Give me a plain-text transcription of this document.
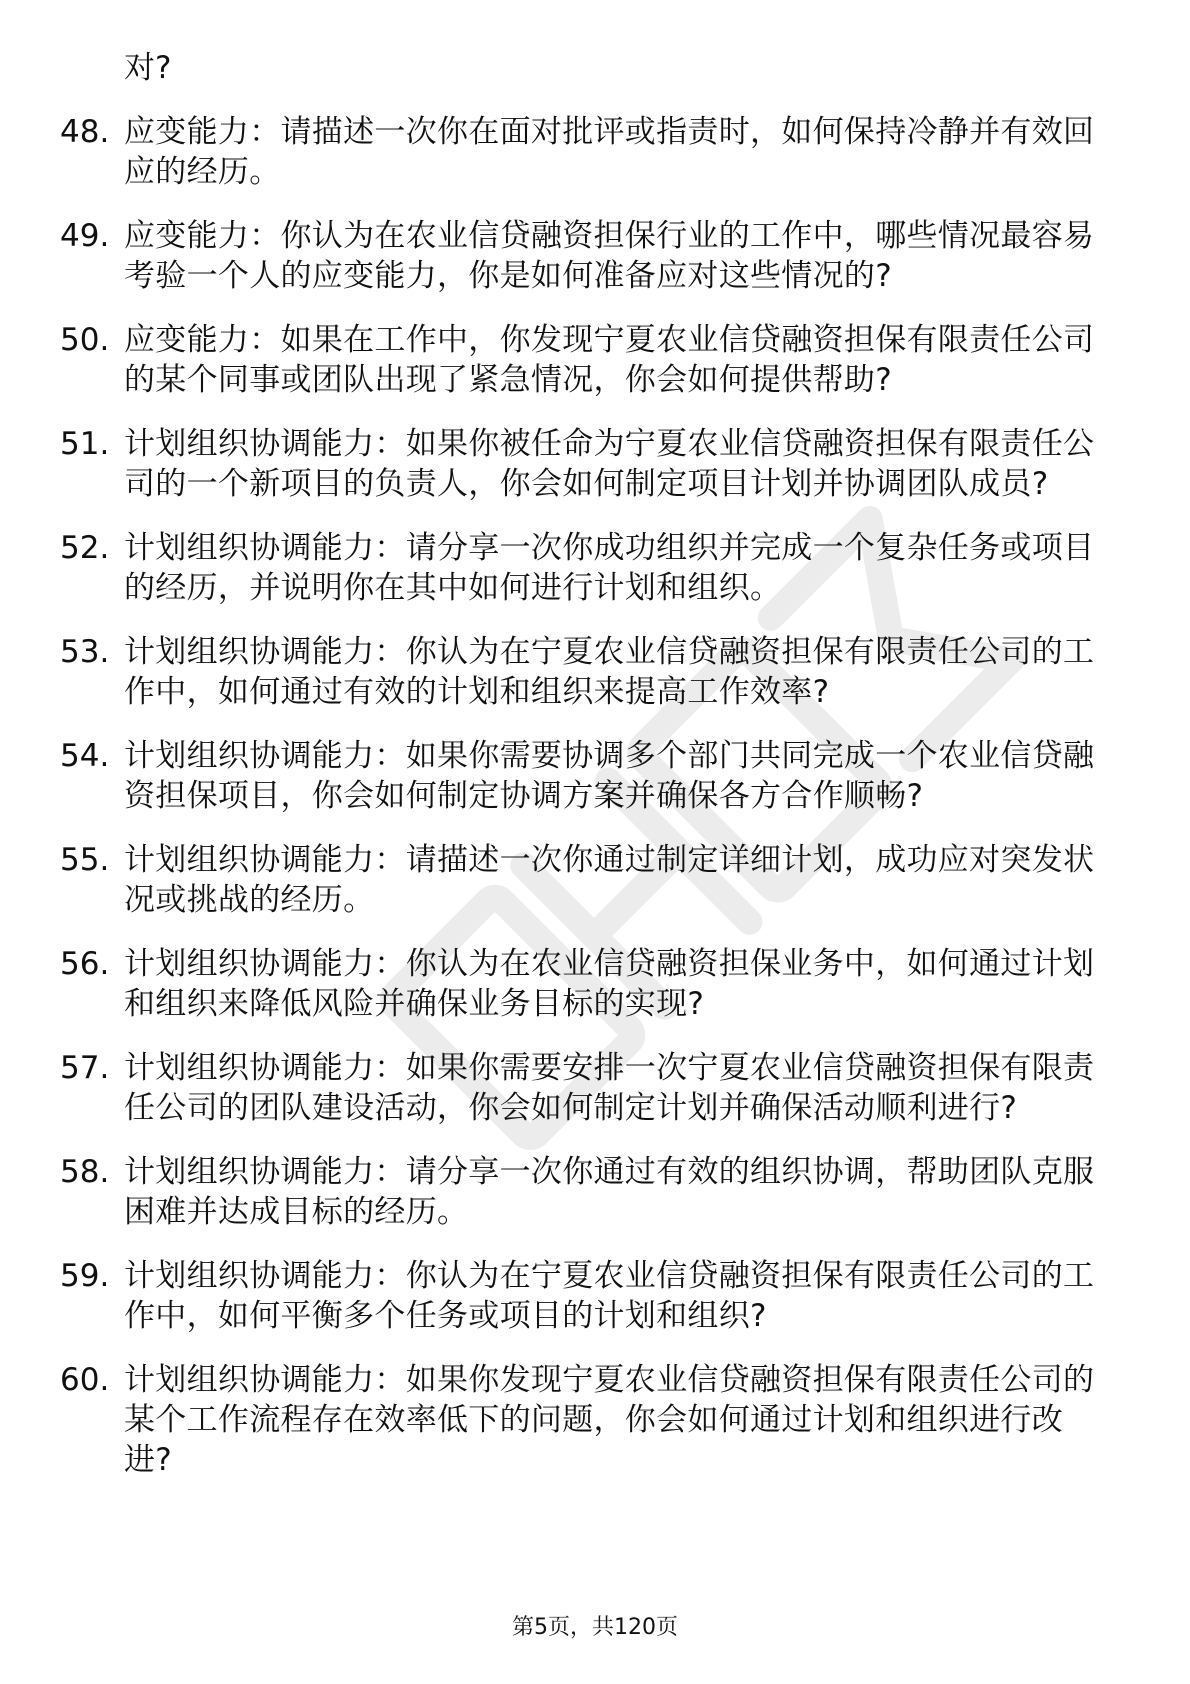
对?
48. 应变能力：请描述一次你在面对批评或指责时，如何保持冷静并有效回应的经历。
49. 应变能力：你认为在农业信贷融资担保行业的工作中，哪些情况最容易考验一个人的应变能力，你是如何准备应对这些情况的?
50. 应变能力：如果在工作中，你发现宁夏农业信贷融资担保有限责任公司的某个同事或团队出现了紧急情况，你会如何提供帮助?
51. 计划组织协调能力：如果你被任命为宁夏农业信贷融资担保有限责任公司的一个新项目的负责人，你会如何制定项目计划并协调团队成员?
52. 计划组织协调能力：请分享一次你成功组织并完成一个复杂任务或项目的经历，并说明你在其中如何进行计划和组织。
53. 计划组织协调能力：你认为在宁夏农业信贷融资担保有限责任公司的工作中，如何通过有效的计划和组织来提高工作效率?
54. 计划组织协调能力：如果你需要协调多个部门共同完成一个农业信贷融资担保项目，你会如何制定协调方案并确保各方合作顺畅?
55. 计划组织协调能力：请描述一次你通过制定详细计划，成功应对突发状况或挑战的经历。
56. 计划组织协调能力：你认为在农业信贷融资担保业务中，如何通过计划和组织来降低风险并确保业务目标的实现?
57. 计划组织协调能力：如果你需要安排一次宁夏农业信贷融资担保有限责任公司的团队建设活动，你会如何制定计划并确保活动顺利进行?
58. 计划组织协调能力：请分享一次你通过有效的组织协调，帮助团队克服困难并达成目标的经历。
59. 计划组织协调能力：你认为在宁夏农业信贷融资担保有限责任公司的工作中，如何平衡多个任务或项目的计划和组织?
60. 计划组织协调能力：如果你发现宁夏农业信贷融资担保有限责任公司的某个工作流程存在效率低下的问题，你会如何通过计划和组织进行改进?
第5页，共120页
